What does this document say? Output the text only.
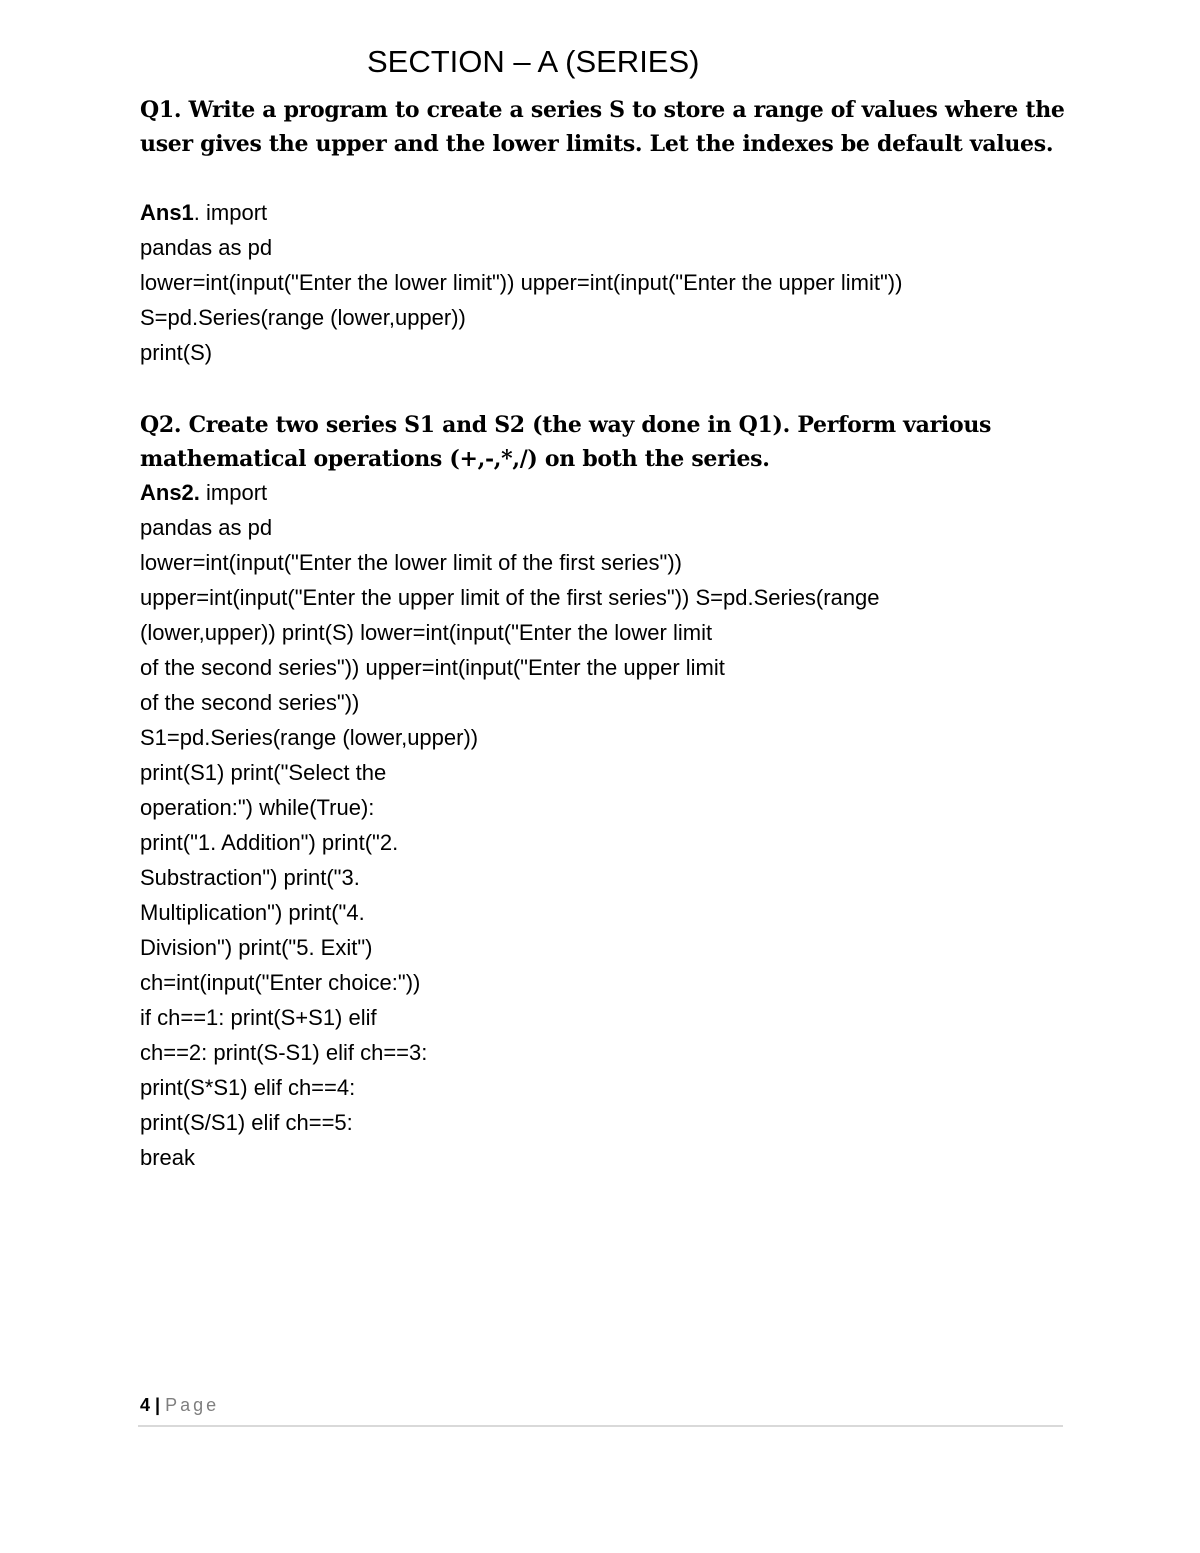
SECTION – A (SERIES)
Q1. Write a program to create a series S to store a range of values where the user gives the upper and the lower limits. Let the indexes be default values.
Ans1. import
pandas as pd
lower=int(input("Enter the lower limit")) upper=int(input("Enter the upper limit"))
S=pd.Series(range (lower,upper))
print(S)
Q2. Create two series S1 and S2 (the way done in Q1). Perform various mathematical operations (+,-,*,/) on both the series.
Ans2. import
pandas as pd
lower=int(input("Enter the lower limit of the first series"))
upper=int(input("Enter the upper limit of the first series")) S=pd.Series(range
(lower,upper)) print(S) lower=int(input("Enter the lower limit
of the second series")) upper=int(input("Enter the upper limit
of the second series"))
S1=pd.Series(range (lower,upper))
print(S1) print("Select the
operation:") while(True):
print("1. Addition") print("2.
Substraction") print("3.
Multiplication") print("4.
Division") print("5. Exit")
ch=int(input("Enter choice:"))
if ch==1: print(S+S1) elif
ch==2: print(S-S1) elif ch==3:
print(S*S1) elif ch==4:
print(S/S1) elif ch==5:
break
4 | Page
